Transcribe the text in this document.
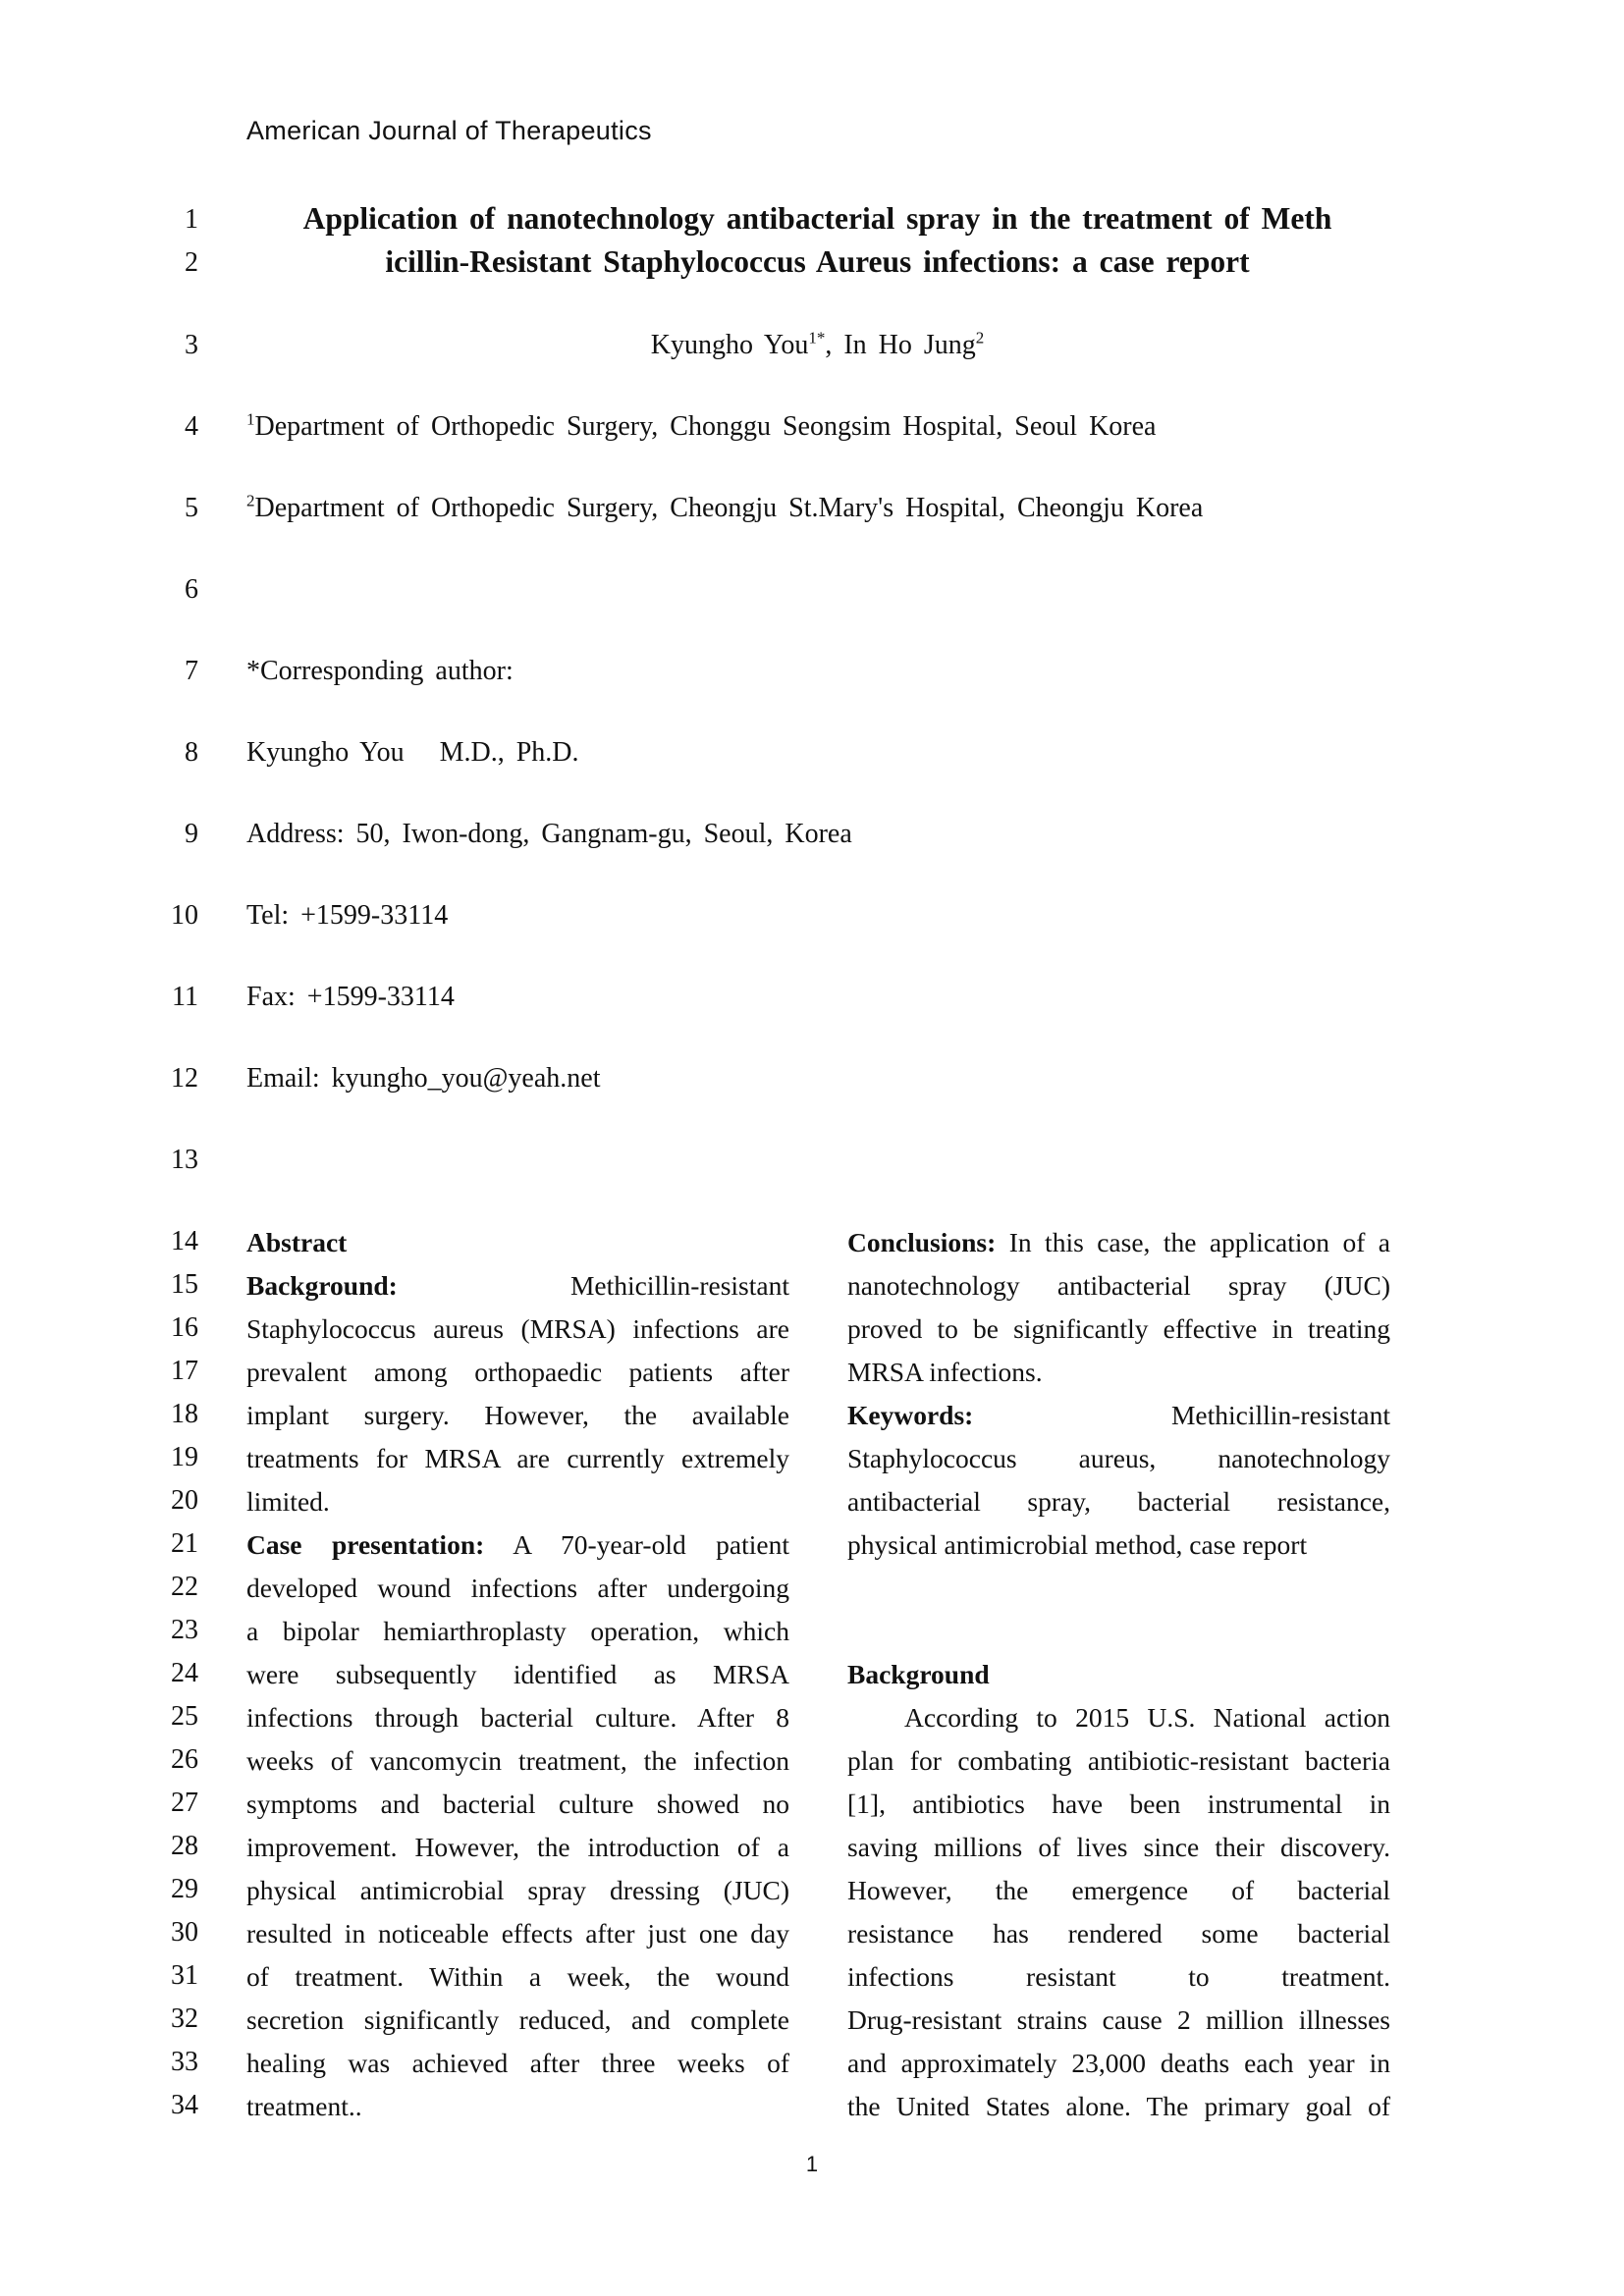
American Journal of Therapeutics
1
2
3
4
5
6
7
8
9
10
11
12
13
14
15
16
17
18
19
20
21
22
23
24
25
26
27
28
29
30
31
32
33
34
Application of nanotechnology antibacterial spray in the treatment of Meth
icillin-Resistant Staphylococcus Aureus infections: a case report
Kyungho You$^{1*}$, In Ho Jung$^2$
$^1$Department of Orthopedic Surgery, Chonggu Seongsim Hospital, Seoul Korea
$^2$Department of Orthopedic Surgery, Cheongju St.Mary's Hospital, Cheongju Korea
*Corresponding author:
Kyungho You   M.D., Ph.D.
Address: 50, Iwon-dong, Gangnam-gu, Seoul, Korea
Tel: +1599-33114
Fax: +1599-33114
Email: kyungho_you@yeah.net
Abstract
Background:	Methicillin-resistant
Staphylococcus aureus (MRSA) infections are
prevalent among orthopaedic patients after
implant surgery. However, the available
treatments for MRSA are currently extremely
limited.
Case presentation: A 70-year-old patient
developed wound infections after undergoing
a bipolar hemiarthroplasty operation, which
were subsequently identified as MRSA
infections through bacterial culture. After 8
weeks of vancomycin treatment, the infection
symptoms and bacterial culture showed no
improvement. However, the introduction of a
physical antimicrobial spray dressing (JUC)
resulted in noticeable effects after just one day
of treatment. Within a week, the wound
secretion significantly reduced, and complete
healing was achieved after three weeks of
treatment..
Conclusions: In this case, the application of a
nanotechnology antibacterial spray (JUC)
proved to be significantly effective in treating
MRSA infections.
Keywords:	Methicillin-resistant
Staphylococcus aureus, nanotechnology
antibacterial spray, bacterial resistance,
physical antimicrobial method, case report
Background
According to 2015 U.S. National action
plan for combating antibiotic-resistant bacteria
[1], antibiotics have been instrumental in
saving millions of lives since their discovery.
However, the emergence of bacterial
resistance has rendered some bacterial
infections resistant to treatment.
Drug-resistant strains cause 2 million illnesses
and approximately 23,000 deaths each year in
the United States alone. The primary goal of
1
